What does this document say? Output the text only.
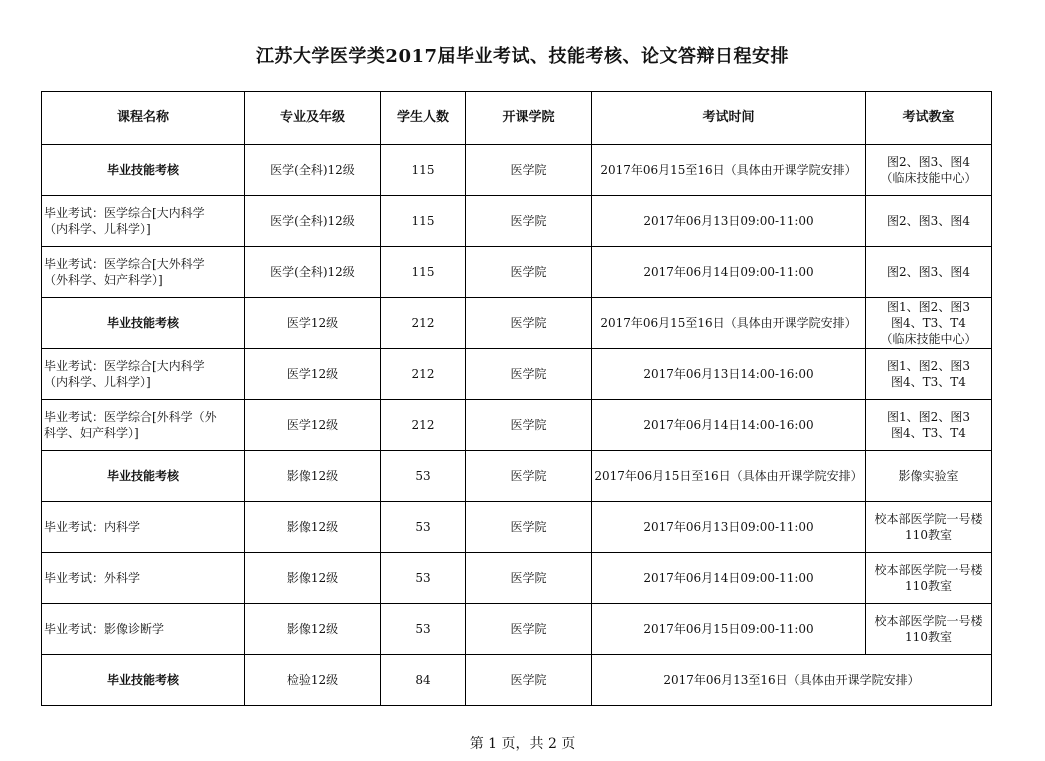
江苏大学医学类2017届毕业考试、技能考核、论文答辩日程安排
课程名称	专业及年级	学生人数	开课学院	考试时间	考试教室
毕业技能考核	医学(全科)12级	115	医学院	2017年06月15至16日（具体由开课学院安排）	图2、图3、图4
（临床技能中心）
毕业考试：医学综合[大内科学
（内科学、儿科学）]	医学(全科)12级	115	医学院	2017年06月13日09:00-11:00	图2、图3、图4
毕业考试：医学综合[大外科学
（外科学、妇产科学）]	医学(全科)12级	115	医学院	2017年06月14日09:00-11:00	图2、图3、图4
毕业技能考核	医学12级	212	医学院	2017年06月15至16日（具体由开课学院安排）	图1、图2、图3
图4、T3、T4
（临床技能中心）
毕业考试：医学综合[大内科学
（内科学、儿科学）]	医学12级	212	医学院	2017年06月13日14:00-16:00	图1、图2、图3
图4、T3、T4
毕业考试：医学综合[外科学（外
科学、妇产科学）]	医学12级	212	医学院	2017年06月14日14:00-16:00	图1、图2、图3
图4、T3、T4
毕业技能考核	影像12级	53	医学院	2017年06月15日至16日（具体由开课学院安排）	影像实验室
毕业考试：内科学	影像12级	53	医学院	2017年06月13日09:00-11:00	校本部医学院一号楼
110教室
毕业考试：外科学	影像12级	53	医学院	2017年06月14日09:00-11:00	校本部医学院一号楼
110教室
毕业考试：影像诊断学	影像12级	53	医学院	2017年06月15日09:00-11:00	校本部医学院一号楼
110教室
毕业技能考核	检验12级	84	医学院	2017年06月13至16日（具体由开课学院安排）	
第 1 页，共 2 页
